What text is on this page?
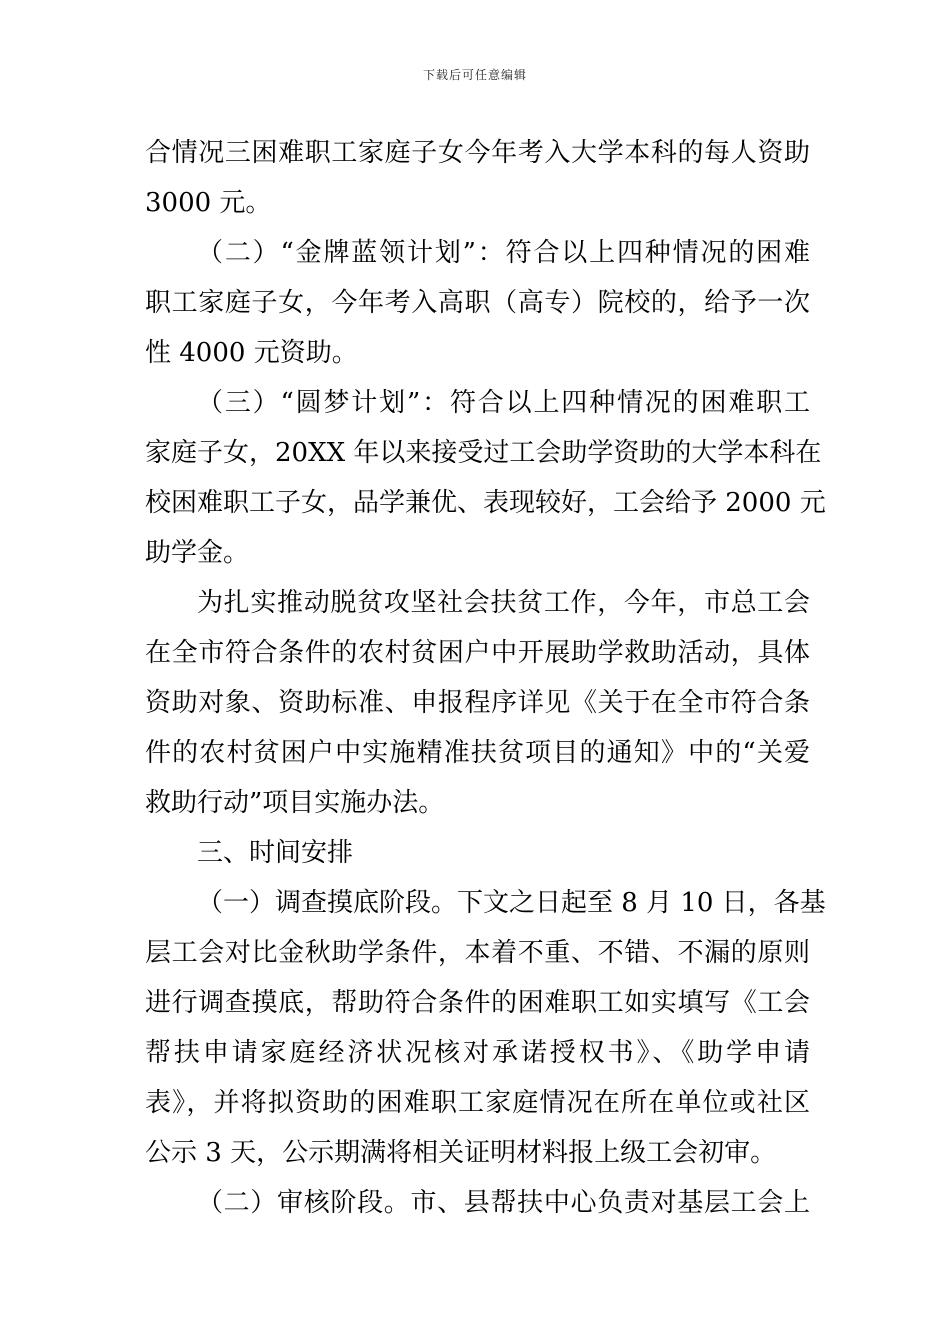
下载后可任意编辑
合情况三困难职工家庭子女今年考入大学本科的每人资助
3000 元。
（二）“金牌蓝领计划”：符合以上四种情况的困难
职工家庭子女，今年考入高职（高专）院校的，给予一次
性 4000 元资助。
（三）“圆梦计划”：符合以上四种情况的困难职工
家庭子女，20XX 年以来接受过工会助学资助的大学本科在
校困难职工子女，品学兼优、表现较好，工会给予 2000 元
助学金。
为扎实推动脱贫攻坚社会扶贫工作，今年，市总工会
在全市符合条件的农村贫困户中开展助学救助活动，具体
资助对象、资助标准、申报程序详见《关于在全市符合条
件的农村贫困户中实施精准扶贫项目的通知》中的“关爱
救助行动”项目实施办法。
三、时间安排
（一）调查摸底阶段。下文之日起至 8 月 10 日，各基
层工会对比金秋助学条件，本着不重、不错、不漏的原则
进行调查摸底，帮助符合条件的困难职工如实填写《工会
帮扶申请家庭经济状况核对承诺授权书》、《助学申请
表》，并将拟资助的困难职工家庭情况在所在单位或社区
公示 3 天，公示期满将相关证明材料报上级工会初审。
（二）审核阶段。市、县帮扶中心负责对基层工会上
